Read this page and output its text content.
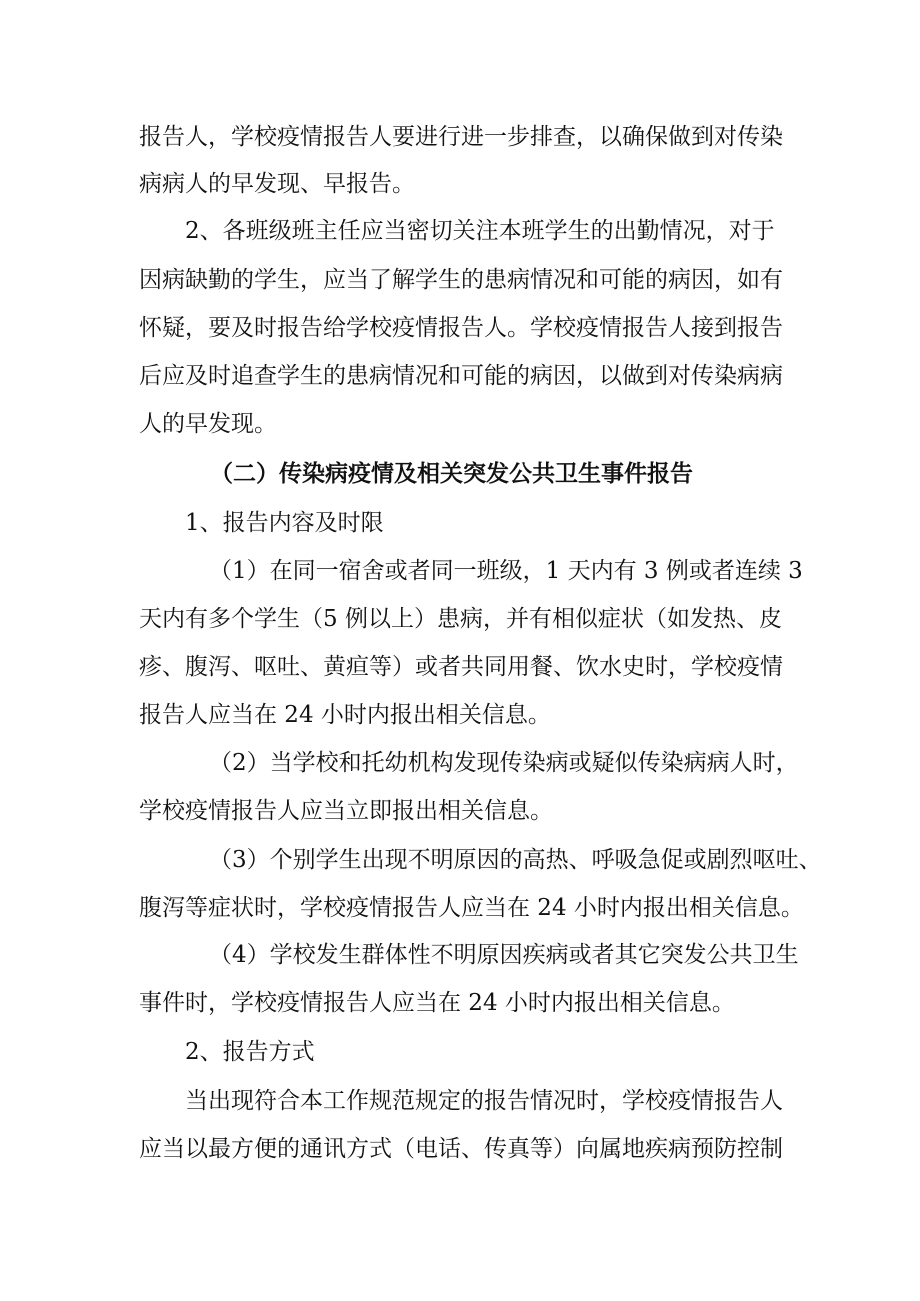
报告人，学校疫情报告人要进行进一步排查，以确保做到对传染
病病人的早发现、早报告。
2、各班级班主任应当密切关注本班学生的出勤情况，对于
因病缺勤的学生，应当了解学生的患病情况和可能的病因，如有
怀疑，要及时报告给学校疫情报告人。学校疫情报告人接到报告
后应及时追查学生的患病情况和可能的病因，以做到对传染病病
人的早发现。
（二）传染病疫情及相关突发公共卫生事件报告
1、报告内容及时限
（1）在同一宿舍或者同一班级，1 天内有 3 例或者连续 3
天内有多个学生（5 例以上）患病，并有相似症状（如发热、皮
疹、腹泻、呕吐、黄疸等）或者共同用餐、饮水史时，学校疫情
报告人应当在 24 小时内报出相关信息。
（2）当学校和托幼机构发现传染病或疑似传染病病人时，
学校疫情报告人应当立即报出相关信息。
（3）个别学生出现不明原因的高热、呼吸急促或剧烈呕吐、
腹泻等症状时，学校疫情报告人应当在 24 小时内报出相关信息。
（4）学校发生群体性不明原因疾病或者其它突发公共卫生
事件时，学校疫情报告人应当在 24 小时内报出相关信息。
2、报告方式
当出现符合本工作规范规定的报告情况时，学校疫情报告人
应当以最方便的通讯方式（电话、传真等）向属地疾病预防控制
